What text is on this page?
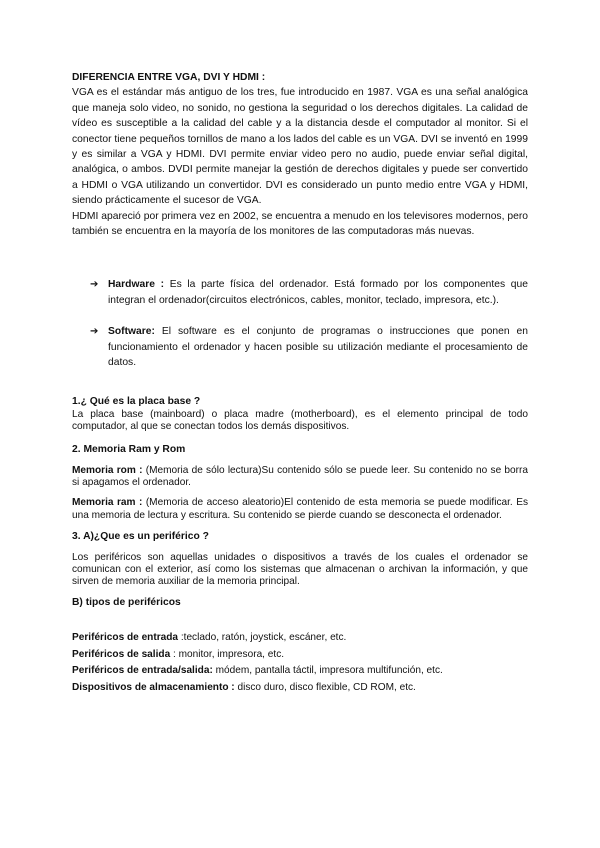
DIFERENCIA ENTRE VGA, DVI Y HDMI :

VGA es el estándar más antiguo de los tres, fue introducido en 1987. VGA es una señal analógica que maneja solo video, no sonido, no gestiona la seguridad o los derechos digitales. La calidad de vídeo es susceptible a la calidad del cable y a la distancia desde el computador al monitor. Si el conector tiene pequeños tornillos de mano a los lados del cable es un VGA. DVI se inventó en 1999 y es similar a VGA y HDMI. DVI permite enviar video pero no audio, puede enviar señal digital, analógica, o ambos. DVDI permite manejar la gestión de derechos digitales y puede ser convertido a HDMI o VGA utilizando un convertidor. DVI es considerado un punto medio entre VGA y HDMI, siendo prácticamente el sucesor de VGA.

HDMI apareció por primera vez en 2002, se encuentra a menudo en los televisores modernos, pero también se encuentra en la mayoría de los monitores de las computadoras más nuevas.

➔ Hardware : Es la parte física del ordenador. Está formado por los componentes que integran el ordenador(circuitos electrónicos, cables, monitor, teclado, impresora, etc.).
➔ Software: El software es el conjunto de programas o instrucciones que ponen en funcionamiento el ordenador y hacen posible su utilización mediante el procesamiento de datos.

1.¿ Qué es la placa base ?

La placa base (mainboard) o placa madre (motherboard), es el elemento principal de todo computador, al que se conectan todos los demás dispositivos.

2. Memoria Ram y Rom

Memoria rom : (Memoria de sólo lectura)Su contenido sólo se puede leer. Su contenido no se borra si apagamos el ordenador.

Memoria ram : (Memoria de acceso aleatorio)El contenido de esta memoria se puede modificar. Es una memoria de lectura y escritura. Su contenido se pierde cuando se desconecta el ordenador.

3. A)¿Que es un periférico ?

Los periféricos son aquellas unidades o dispositivos a través de los cuales el ordenador se comunican con el exterior, así como los sistemas que almacenan o archivan la información, y que sirven de memoria auxiliar de la memoria principal.

B) tipos de periféricos

Periféricos de entrada :teclado, ratón, joystick, escáner, etc.

Periféricos de salida : monitor, impresora, etc.

Periféricos de entrada/salida: módem, pantalla táctil, impresora multifunción, etc.

Dispositivos de almacenamiento : disco duro, disco flexible, CD ROM, etc.
